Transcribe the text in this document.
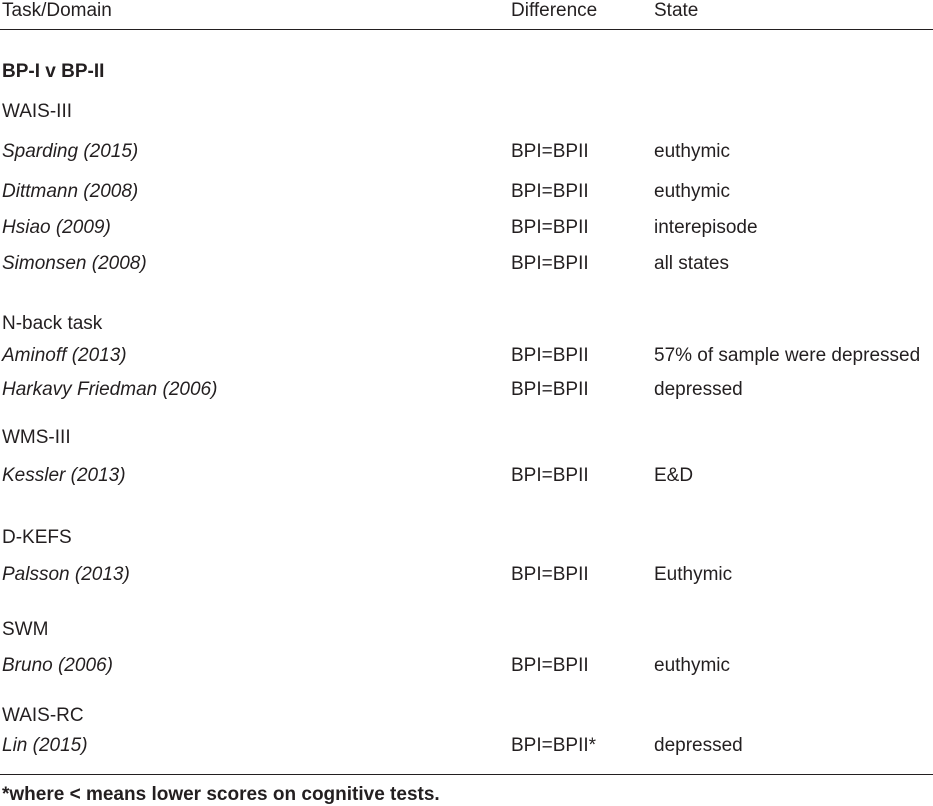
Task/Domain	Difference	State
BP-I v BP-II
WAIS-III
Sparding (2015)	BPI=BPII	euthymic
Dittmann (2008)	BPI=BPII	euthymic
Hsiao (2009)	BPI=BPII	interepisode
Simonsen (2008)	BPI=BPII	all states
N-back task
Aminoff (2013)	BPI=BPII	57% of sample were depressed
Harkavy Friedman (2006)	BPI=BPII	depressed
WMS-III
Kessler (2013)	BPI=BPII	E&D
D-KEFS
Palsson (2013)	BPI=BPII	Euthymic
SWM
Bruno (2006)	BPI=BPII	euthymic
WAIS-RC
Lin (2015)	BPI=BPII*	depressed
*where < means lower scores on cognitive tests.
